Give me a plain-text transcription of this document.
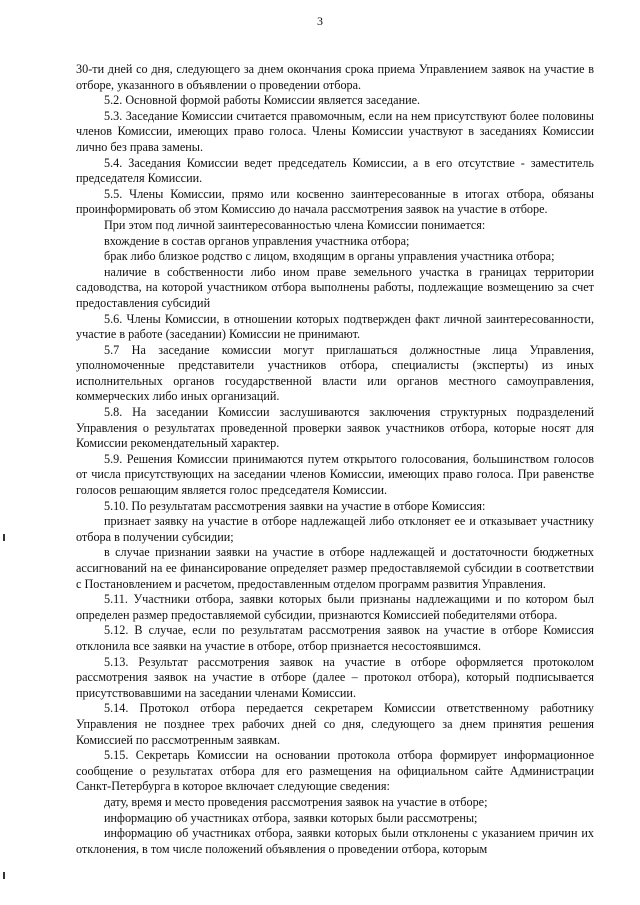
3

30-ти дней со дня, следующего за днем окончания срока приема Управлением заявок на участие в отборе, указанного в объявлении о проведении отбора.

5.2. Основной формой работы Комиссии является заседание.

5.3. Заседание Комиссии считается правомочным, если на нем присутствуют более половины членов Комиссии, имеющих право голоса. Члены Комиссии участвуют в заседаниях Комиссии лично без права замены.

5.4. Заседания Комиссии ведет председатель Комиссии, а в его отсутствие - заместитель председателя Комиссии.

5.5. Члены Комиссии, прямо или косвенно заинтересованные в итогах отбора, обязаны проинформировать об этом Комиссию до начала рассмотрения заявок на участие в отборе.

При этом под личной заинтересованностью члена Комиссии понимается:

вхождение в состав органов управления участника отбора;

брак либо близкое родство с лицом, входящим в органы управления участника отбора;

наличие в собственности либо ином праве земельного участка в границах территории садоводства, на которой участником отбора выполнены работы, подлежащие возмещению за счет предоставления субсидий

5.6. Члены Комиссии, в отношении которых подтвержден факт личной заинтересованности, участие в работе (заседании) Комиссии не принимают.

5.7 На заседание комиссии могут приглашаться должностные лица Управления, уполномоченные представители участников отбора, специалисты (эксперты) из иных исполнительных органов государственной власти или органов местного самоуправления, коммерческих либо иных организаций.

5.8. На заседании Комиссии заслушиваются заключения структурных подразделений Управления о результатах проведенной проверки заявок участников отбора, которые носят для Комиссии рекомендательный характер.

5.9. Решения Комиссии принимаются путем открытого голосования, большинством голосов от числа присутствующих на заседании членов Комиссии, имеющих право голоса. При равенстве голосов решающим является голос председателя Комиссии.

5.10. По результатам рассмотрения заявки на участие в отборе Комиссия:

признает заявку на участие в отборе надлежащей либо отклоняет ее и отказывает участнику отбора в получении субсидии;

в случае признании заявки на участие в отборе надлежащей и достаточности бюджетных ассигнований на ее финансирование определяет размер предоставляемой субсидии в соответствии с Постановлением и расчетом, предоставленным отделом программ развития Управления.

5.11. Участники отбора, заявки которых были признаны надлежащими и по котором был определен размер предоставляемой субсидии, признаются Комиссией победителями отбора.

5.12. В случае, если по результатам рассмотрения заявок на участие в отборе Комиссия отклонила все заявки на участие в отборе, отбор признается несостоявшимся.

5.13. Результат рассмотрения заявок на участие в отборе оформляется протоколом рассмотрения заявок на участие в отборе (далее – протокол отбора), который подписывается присутствовавшими на заседании членами Комиссии.

5.14. Протокол отбора передается секретарем Комиссии ответственному работнику Управления не позднее трех рабочих дней со дня, следующего за днем принятия решения Комиссией по рассмотренным заявкам.

5.15. Секретарь Комиссии на основании протокола отбора формирует информационное сообщение о результатах отбора для его размещения на официальном сайте Администрации Санкт-Петербурга в которое включает следующие сведения:

дату, время и место проведения рассмотрения заявок на участие в отборе;

информацию об участниках отбора, заявки которых были рассмотрены;

информацию об участниках отбора, заявки которых были отклонены с указанием причин их отклонения, в том числе положений объявления о проведении отбора, которым
